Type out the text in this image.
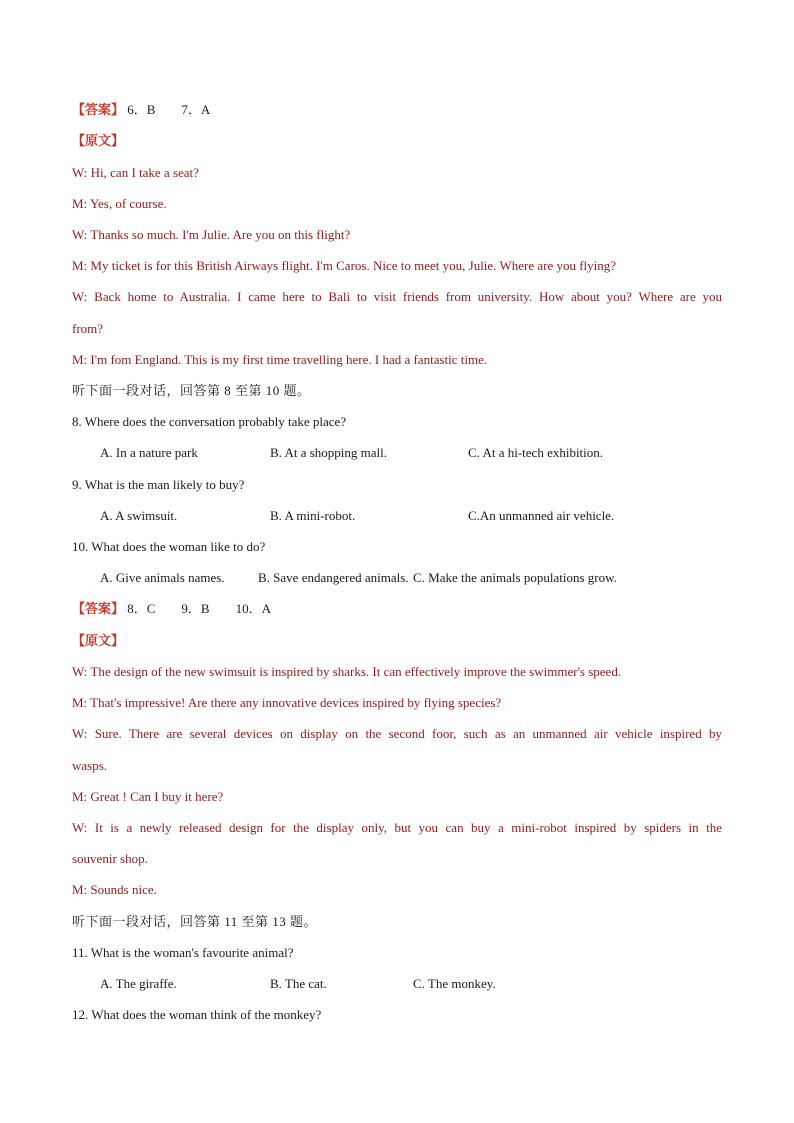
【答案】 6．B　　7．A
【原文】
W: Hi, can I take a seat?
M: Yes, of course.
W: Thanks so much. I'm Julie. Are you on this flight?
M: My ticket is for this British Airways flight. I'm Caros. Nice to meet you, Julie. Where are you flying?
W: Back home to Australia. I came here to Bali to visit friends from university. How about you? Where are you
from?
M: I'm fom England. This is my first time travelling here. I had a fantastic time.
听下面一段对话，回答第 8 至第 10 题。
8. Where does the conversation probably take place?
A. In a nature park	B. At a shopping mall.	C. At a hi-tech exhibition.
9. What is the man likely to buy?
A. A swimsuit.	B. A mini-robot.	C.An unmanned air vehicle.
10. What does the woman like to do?
A. Give animals names.	B. Save endangered animals. C. Make the animals populations grow.
【答案】 8．C　　9．B　　10．A
【原文】
W: The design of the new swimsuit is inspired by sharks. It can effectively improve the swimmer's speed.
M: That's impressive! Are there any innovative devices inspired by flying species?
W: Sure. There are several devices on display on the second foor, such as an unmanned air vehicle inspired by
wasps.
M: Great ! Can I buy it here?
W: It is a newly released design for the display only, but you can buy a mini-robot inspired by spiders in the
souvenir shop.
M: Sounds nice.
听下面一段对话，回答第 11 至第 13 题。
11. What is the woman's favourite animal?
A. The giraffe.	B. The cat.	C. The monkey.
12. What does the woman think of the monkey?
